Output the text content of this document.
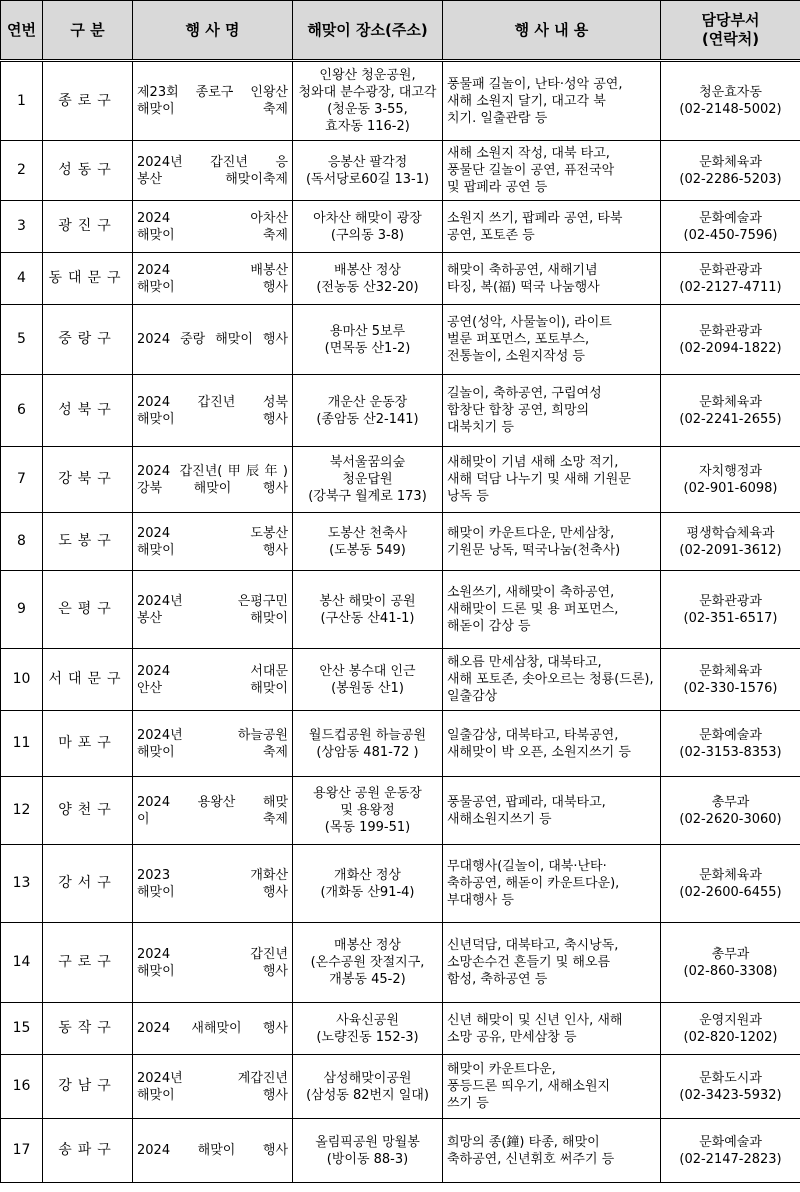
연번	구 분	행 사 명	해맞이 장소(주소)	행 사 내 용	담당부서
(연락처)

1	종로구	제23회 종로구 인왕산
해맞이 축제	인왕산 청운공원,
청와대 분수광장, 대고각
(청운동 3-55,
효자동 116-2)	풍물패 길놀이, 난타·성악 공연,
새해 소원지 달기, 대고각 북
치기. 일출관람 등	청운효자동
(02-2148-5002)

2	성동구	2024년 갑진년 응
봉산 해맞이축제	응봉산 팔각정
(독서당로60길 13-1)	새해 소원지 작성, 대북 타고,
풍물단 길놀이 공연, 퓨전국악
및 팝페라 공연 등	문화체육과
(02-2286-5203)

3	광진구	2024 아차산
해맞이 축제	아차산 해맞이 광장
(구의동 3-8)	소원지 쓰기, 팝페라 공연, 타북
공연, 포토존 등	문화예술과
(02-450-7596)

4	동대문구	2024 배봉산
해맞이 행사	배봉산 정상
(전농동 산32-20)	해맞이 축하공연, 새해기념
타징, 복(福) 떡국 나눔행사	문화관광과
(02-2127-4711)

5	중랑구	2024 중랑 해맞이 행사	용마산 5보루
(면목동 산1-2)	공연(성악, 사물놀이), 라이트
벌룬 퍼포먼스, 포토부스,
전통놀이, 소원지작성 등	문화관광과
(02-2094-1822)

6	성북구	2024 갑진년 성북
해맞이 행사	개운산 운동장
(종암동 산2-141)	길놀이, 축하공연, 구립여성
합창단 합창 공연, 희망의
대북치기 등	문화체육과
(02-2241-2655)

7	강북구	2024 갑진년(甲辰年)
강북 해맞이 행사	북서울꿈의숲
청운답원
(강북구 월계로 173)	새해맞이 기념 새해 소망 적기,
새해 덕담 나누기 및 새해 기원문
낭독 등	자치행정과
(02-901-6098)

8	도봉구	2024 도봉산
해맞이 행사	도봉산 천축사
(도봉동 549)	해맞이 카운트다운, 만세삼창,
기원문 낭독, 떡국나눔(천축사)	평생학습체육과
(02-2091-3612)

9	은평구	2024년 은평구민
봉산 해맞이	봉산 해맞이 공원
(구산동 산41-1)	소원쓰기, 새해맞이 축하공연,
새해맞이 드론 및 용 퍼포먼스,
해돋이 감상 등	문화관광과
(02-351-6517)

10	서대문구	2024 서대문
안산 해맞이	안산 봉수대 인근
(봉원동 산1)	해오름 만세삼창, 대북타고,
새해 포토존, 솟아오르는 청룡(드론),
일출감상	문화체육과
(02-330-1576)

11	마포구	2024년 하늘공원
해맞이 축제	월드컵공원 하늘공원
(상암동 481-72 )	일출감상, 대북타고, 타북공연,
새해맞이 박 오픈, 소원지쓰기 등	문화예술과
(02-3153-8353)

12	양천구	2024 용왕산 해맞
이 축제	용왕산 공원 운동장
및 용왕정
(목동 199-51)	풍물공연, 팝페라, 대북타고,
새해소원지쓰기 등	총무과
(02-2620-3060)

13	강서구	2023 개화산
해맞이 행사	개화산 정상
(개화동 산91-4)	무대행사(길놀이, 대북·난타·
축하공연, 해돋이 카운트다운),
부대행사 등	문화체육과
(02-2600-6455)

14	구로구	2024 갑진년
해맞이 행사	매봉산 정상
(온수공원 잣절지구,
개봉동 45-2)	신년덕담, 대북타고, 축시낭독,
소망손수건 흔들기 및 해오름
함성, 축하공연 등	총무과
(02-860-3308)

15	동작구	2024 새해맞이 행사	사육신공원
(노량진동 152-3)	신년 해맞이 및 신년 인사, 새해
소망 공유, 만세삼창 등	운영지원과
(02-820-1202)

16	강남구	2024년 계갑진년
해맞이 행사	삼성해맞이공원
(삼성동 82번지 일대)	해맞이 카운트다운,
풍등드론 띄우기, 새해소원지
쓰기 등	문화도시과
(02-3423-5932)

17	송파구	2024 해맞이 행사	올림픽공원 망월봉
(방이동 88-3)	희망의 종(鐘) 타종, 해맞이
축하공연, 신년휘호 써주기 등	문화예술과
(02-2147-2823)
